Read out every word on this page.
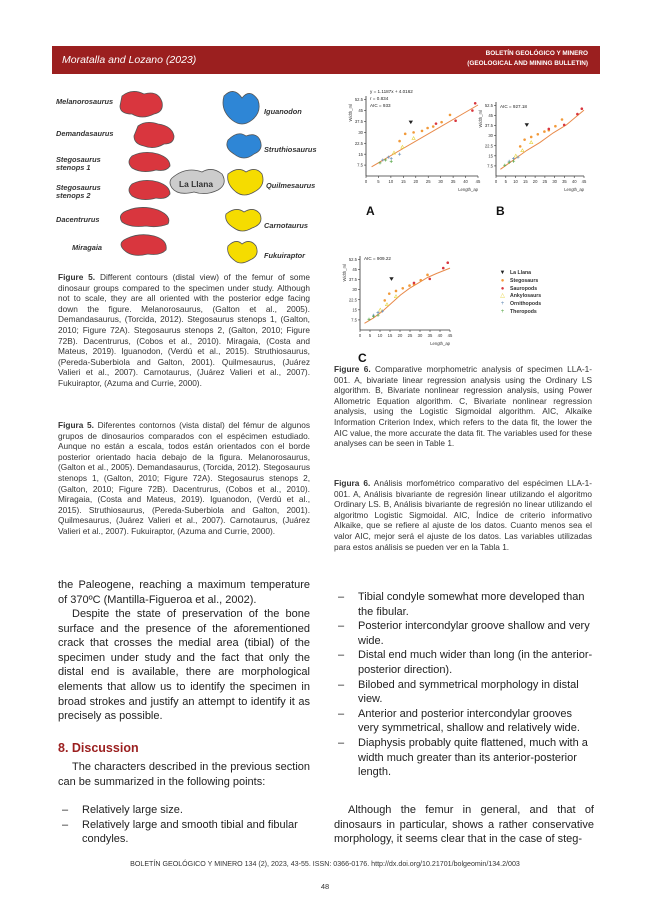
Moratalla and Lozano (2023)
BOLETÍN GEOLÓGICO Y MINERO
(GEOLOGICAL AND MINING BULLETIN)
Melanorosaurus
Demandasaurus
Stegosaurus stenops 1
Stegosaurus stenops 2
Dacentrurus
Miragaia
Iguanodon
Struthiosaurus
Quilmesaurus
Carnotaurus
Fukuiraptor
La Llana
Figure 5. Different contours (distal view) of the femur of some dinosaur groups compared to the specimen under study. Although not to scale, they are all oriented with the posterior edge facing down the figure. Melanorosaurus, (Galton et al., 2005). Demandasaurus, (Torcida, 2012). Stegosaurus stenops 1, (Galton, 2010; Figure 72A). Stegosaurus stenops 2, (Galton, 2010; Figure 72B). Dacentrurus, (Cobos et al., 2010). Miragaia, (Costa and Mateus, 2019). Iguanodon, (Verdú et al., 2015). Struthiosaurus, (Pereda-Suberbiola and Galton, 2001). Quilmesaurus, (Juárez Valieri et al., 2007). Carnotaurus, (Juárez Valieri et al., 2007). Fukuiraptor, (Azuma and Currie, 2000).
Figura 5. Diferentes contornos (vista distal) del fémur de algunos grupos de dinosaurios comparados con el espécimen estudiado. Aunque no están a escala, todos están orientados con el borde posterior orientado hacia debajo de la figura. Melanorosaurus, (Galton et al., 2005). Demandasaurus, (Torcida, 2012). Stegosaurus stenops 1, (Galton, 2010; Figure 72A). Stegosaurus stenops 2, (Galton, 2010; Figure 72B). Dacentrurus, (Cobos et al., 2010). Miragaia, (Costa and Mateus, 2019). Iguanodon, (Verdú et al., 2015). Struthiosaurus, (Pereda-Suberbiola and Galton, 2001). Quilmesaurus, (Juárez Valieri et al., 2007). Carnotaurus, (Juárez Valieri et al., 2007). Fukuiraptor, (Azuma and Currie, 2000).
7.5
15
22.5
30
37.5
45
52.5
0 5 10 15 20 25 30 35 40 45
Length_ap
Width_ml
y = 1.1187x + 4.0162
r = 0.834
AIC = 933
7.5
15
22.5
30
37.5
45
52.5
0 5 10 15 20 25 30 35 40 45
Length_ap
Width_ml
AIC = 927.18
7.5
15
22.5
30
37.5
45
52.5
0 5 10 15 20 25 30 35 40 45
Length_ap
Width_ml
AIC = 909.22
A	B
C
▼ La Llana
●	Stegosaurs
●	Sauropods
△ Ankylosaurs
+	Ornithopods
+	Theropods
Figure 6. Comparative morphometric analysis of specimen LLA-1-001. A, bivariate linear regression analysis using the Ordinary LS algorithm. B, Bivariate nonlinear regression analysis, using Power Allometric Equation algorithm. C, Bivariate nonlinear regression analysis, using the Logistic Sigmoidal algorithm. AIC, Alkaike Information Criterion Index, which refers to the data fit, the lower the AIC value, the more accurate the data fit. The variables used for these analyses can be seen in Table 1.
Figura 6. Análisis morfométrico comparativo del espécimen LLA-1-001. A, Análisis bivariante de regresión linear utilizando el algoritmo Ordinary LS. B, Análisis bivariante de regresión no linear utilizando el algoritmo Logistic Sigmoidal. AIC, Índice de criterio informativo Alkaike, que se refiere al ajuste de los datos. Cuanto menos sea el valor AIC, mejor será el ajuste de los datos. Las variables utilizadas para estos análisis se pueden ver en la Tabla 1.
the Paleogene, reaching a maximum temperature of 370ºC (Mantilla-Figueroa et al., 2002).
Despite the state of preservation of the bone surface and the presence of the aforementioned crack that crosses the medial area (tibial) of the specimen under study and the fact that only the distal end is available, there are morphological elements that allow us to identify the specimen in broad strokes and justify an attempt to identify it as precisely as possible.
8. Discussion
The characters described in the previous section can be summarized in the following points:
– Relatively large size.
– Relatively large and smooth tibial and fibular condyles.
– Tibial condyle somewhat more developed than the fibular.
– Posterior intercondylar groove shallow and very wide.
– Distal end much wider than long (in the anterior-posterior direction).
– Bilobed and symmetrical morphology in distal view.
– Anterior and posterior intercondylar grooves very symmetrical, shallow and relatively wide.
– Diaphysis probably quite flattened, much with a width much greater than its anterior-posterior length.
Although the femur in general, and that of dinosaurs in particular, shows a rather conservative morphology, it seems clear that in the case of steg-
BOLETÍN GEOLÓGICO Y MINERO 134 (2), 2023, 43-55. ISSN: 0366-0176. http://dx.doi.org/10.21701/bolgeomin/134.2/003
48
